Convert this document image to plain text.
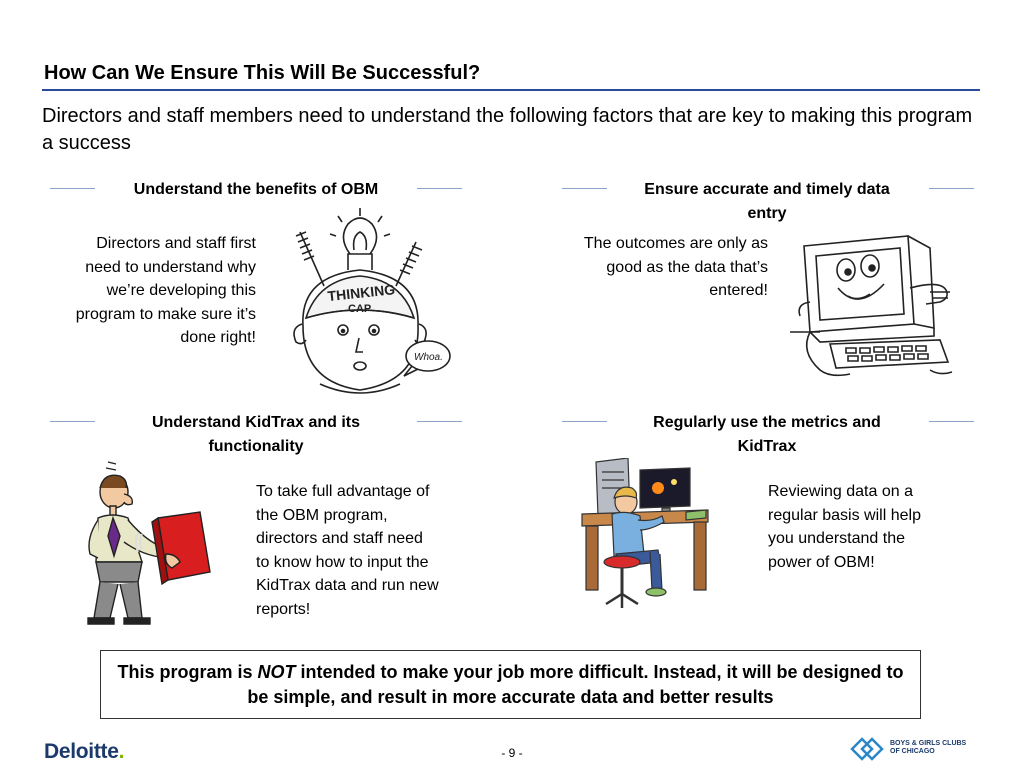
How Can We Ensure This Will Be Successful?
Directors and staff members need to understand the following factors that are key to making this program a success
Understand the benefits of OBM
Directors and staff first
need to understand why
we’re developing this
program to make sure it’s
done right!
THINKING
CAP
Whoa.
Ensure accurate and timely data
entry
The outcomes are only as
good as the data that’s
entered!
Understand KidTrax and its
functionality
To take full advantage of
the OBM program,
directors and staff need
to know how to input the
KidTrax data and run new
reports!
Regularly use the metrics and
KidTrax
Reviewing data on a
regular basis will help
you understand the
power of OBM!
This program is NOT intended to make your job more difficult. Instead, it will be designed to be simple, and result in more accurate data and better results
Deloitte.	- 9 -
BOYS & GIRLS CLUBS
OF CHICAGO
